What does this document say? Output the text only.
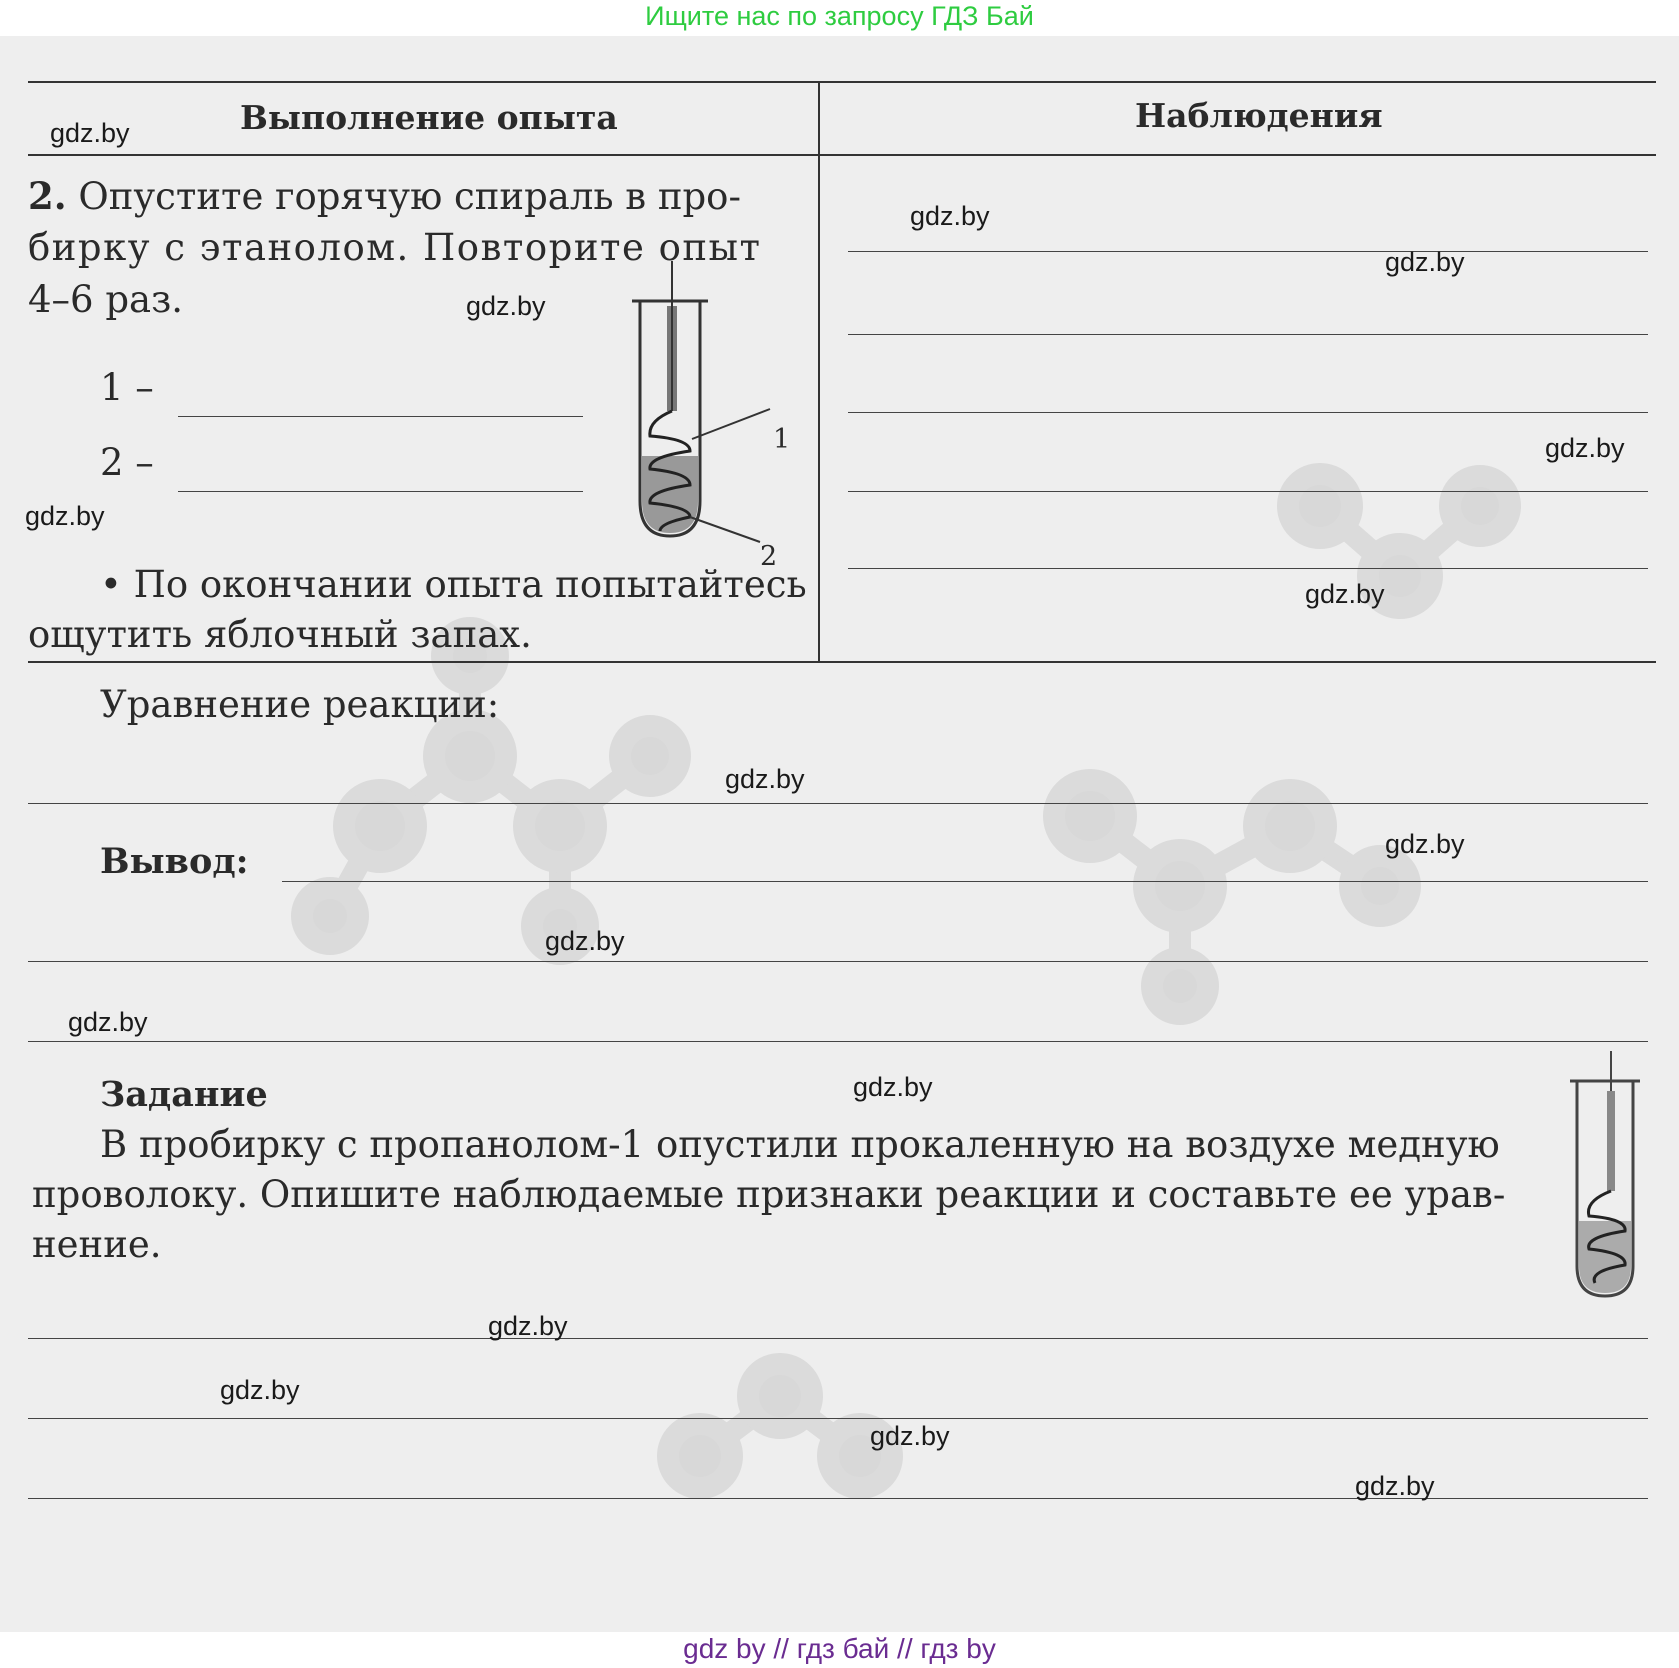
Ищите нас по запросу ГДЗ Бай
Выполнение опыта	Наблюдения
2. Опустите горячую спираль в про-
бирку с этанолом. Повторите опыт
4–6 раз.
1 –
2 –
1
2
• По окончании опыта попытайтесь
ощутить яблочный запах.
Уравнение реакции:
Вывод:
Задание
В пробирку с пропанолом-1 опустили прокаленную на воздухе медную
проволоку. Опишите наблюдаемые признаки реакции и составьте ее урав-
нение.
gdz.by
gdz.by
gdz.by
gdz.by
gdz.by
gdz.by
gdz.by
gdz.by
gdz.by
gdz.by
gdz.by
gdz.by
gdz.by
gdz.by
gdz.by
gdz.by
gdz by // гдз бай // гдз by
